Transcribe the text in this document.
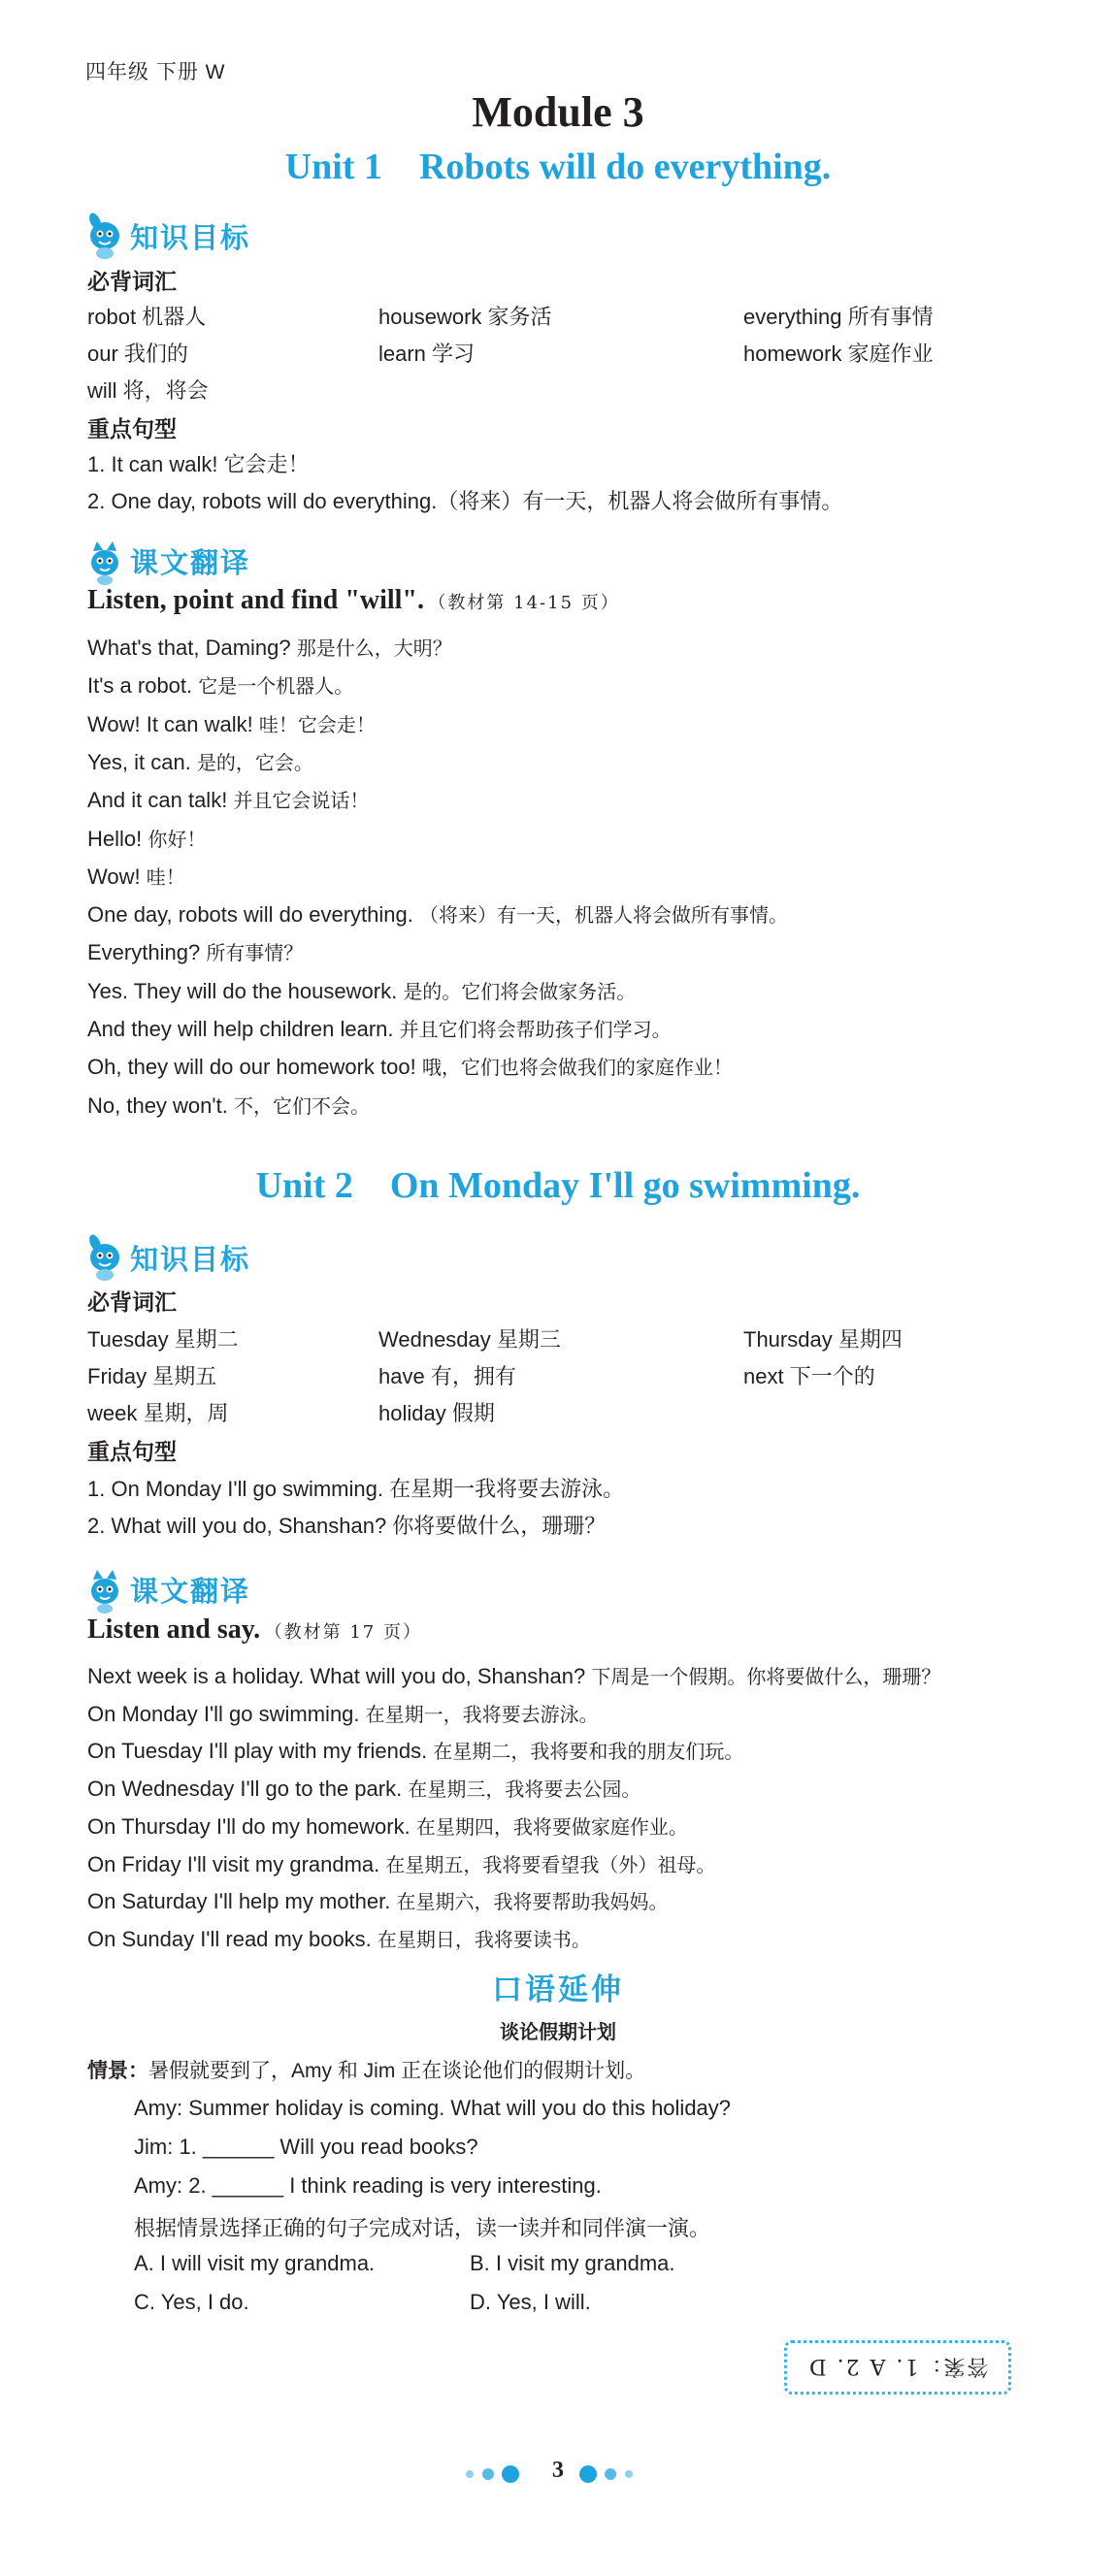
四年级 下册 W
Module 3
Unit 1    Robots will do everything.
知识目标
必背词汇
robot 机器人	housework 家务活	everything 所有事情
our 我们的	learn 学习	homework 家庭作业
will 将，将会
重点句型
1. It can walk! 它会走！
2. One day, robots will do everything.（将来）有一天，机器人将会做所有事情。
课文翻译
Listen, point and find "will". （教材第 14-15 页）
What's that, Daming? 那是什么，大明？
It's a robot. 它是一个机器人。
Wow! It can walk! 哇！它会走！
Yes, it can. 是的，它会。
And it can talk! 并且它会说话！
Hello! 你好！
Wow! 哇！
One day, robots will do everything. （将来）有一天，机器人将会做所有事情。
Everything? 所有事情？
Yes. They will do the housework. 是的。它们将会做家务活。
And they will help children learn. 并且它们将会帮助孩子们学习。
Oh, they will do our homework too! 哦，它们也将会做我们的家庭作业！
No, they won't. 不，它们不会。
Unit 2    On Monday I'll go swimming.
知识目标
必背词汇
Tuesday 星期二	Wednesday 星期三	Thursday 星期四
Friday 星期五	have 有，拥有	next 下一个的
week 星期，周	holiday 假期
重点句型
1. On Monday I'll go swimming. 在星期一我将要去游泳。
2. What will you do, Shanshan? 你将要做什么，珊珊？
课文翻译
Listen and say. （教材第 17 页）
Next week is a holiday. What will you do, Shanshan? 下周是一个假期。你将要做什么，珊珊？
On Monday I'll go swimming. 在星期一，我将要去游泳。
On Tuesday I'll play with my friends. 在星期二，我将要和我的朋友们玩。
On Wednesday I'll go to the park. 在星期三，我将要去公园。
On Thursday I'll do my homework. 在星期四，我将要做家庭作业。
On Friday I'll visit my grandma. 在星期五，我将要看望我（外）祖母。
On Saturday I'll help my mother. 在星期六，我将要帮助我妈妈。
On Sunday I'll read my books. 在星期日，我将要读书。
口语延伸
谈论假期计划
情景：暑假就要到了，Amy 和 Jim 正在谈论他们的假期计划。
Amy: Summer holiday is coming. What will you do this holiday?
Jim: 1. ______ Will you read books?
Amy: 2. ______ I think reading is very interesting.
根据情景选择正确的句子完成对话，读一读并和同伴演一演。
A. I will visit my grandma.	B. I visit my grandma.
C. Yes, I do.	D. Yes, I will.
答案：1. A 2. D
3
